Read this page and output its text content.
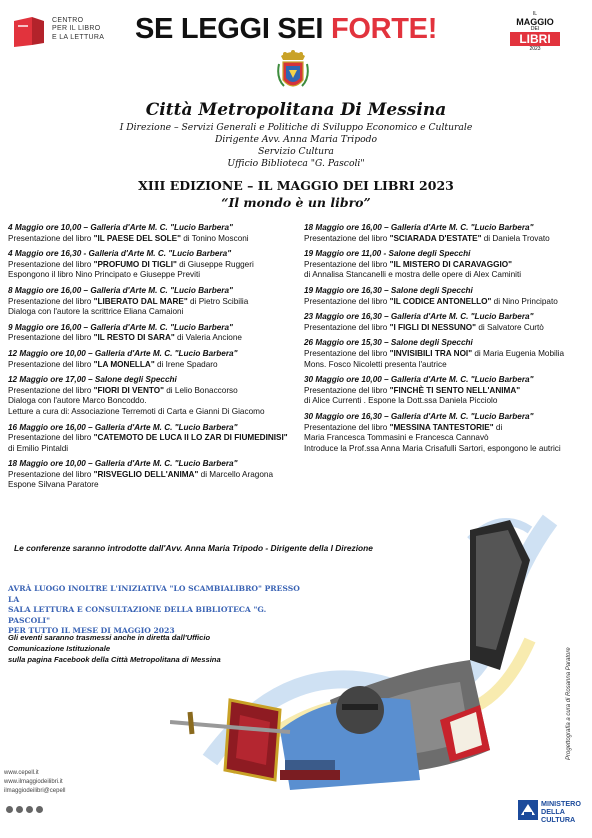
CENTRO
PER IL LIBRO
E LA LETTURA SE LEGGI SEI FORTE!	IL
MAGGIO
DEI
LIBRI
2023
Città Metropolitana Di Messina
I Direzione – Servizi Generali e Politiche di Sviluppo Economico e Culturale
Dirigente Avv. Anna Maria Tripodo
Servizio Cultura
Ufficio Biblioteca "G. Pascoli"
XIII EDIZIONE – IL MAGGIO DEI LIBRI 2023
“Il mondo è un libro”
4 Maggio ore 10,00 – Galleria d'Arte M. C. "Lucio Barbera"
Presentazione del libro "IL PAESE DEL SOLE" di Tonino Mosconi
4 Maggio ore 16,30 - Galleria d'Arte M. C. "Lucio Barbera"
Presentazione del libro "PROFUMO DI TIGLI" di Giuseppe Ruggeri
Espongono il libro Nino Principato e Giuseppe Previti
8 Maggio ore 16,00 – Galleria d'Arte M. C. "Lucio Barbera"
Presentazione del libro "LIBERATO DAL MARE" di Pietro Scibilia
Dialoga con l'autore la scrittrice Eliana Camaioni
9 Maggio ore 16,00 – Galleria d'Arte M. C. "Lucio Barbera"
Presentazione del libro "IL RESTO DI SARA" di Valeria Ancione
12 Maggio ore 10,00 – Galleria d'Arte M. C. "Lucio Barbera"
Presentazione del libro "LA MONELLA" di Irene Spadaro
12 Maggio ore 17,00 – Salone degli Specchi
Presentazione del libro "FIORI DI VENTO" di Lelio Bonaccorso
Dialoga con l'autore Marco Boncoddo.
Letture a cura di: Associazione Terremoti di Carta e Gianni Di Giacomo
16 Maggio ore 16,00 – Galleria d'Arte M. C. "Lucio Barbera"
Presentazione del libro "CATEMOTO DE LUCA II LO ZAR DI FIUMEDINISI" di Emilio Pintaldi
18 Maggio ore 10,00 – Galleria d'Arte M. C. "Lucio Barbera"
Presentazione del libro "RISVEGLIO DELL'ANIMA" di Marcello Aragona
Espone Silvana Paratore
18 Maggio ore 16,00 – Galleria d'Arte M. C. "Lucio Barbera"
Presentazione del libro "SCIARADA D'ESTATE" di Daniela Trovato
19 Maggio ore 11,00 - Salone degli Specchi
Presentazione del libro "IL MISTERO DI CARAVAGGIO"
di Annalisa Stancanelli e mostra delle opere di Alex Caminiti
19 Maggio ore 16,30 – Salone degli Specchi
Presentazione del libro "IL CODICE ANTONELLO" di Nino Principato
23 Maggio ore 16,30 – Galleria d'Arte M. C. "Lucio Barbera"
Presentazione del libro "I FIGLI DI NESSUNO" di Salvatore Curtò
26 Maggio ore 15,30 – Salone degli Specchi
Presentazione del libro "INVISIBILI TRA NOI" di Maria Eugenia Mobilia
Mons. Fosco Nicoletti presenta l'autrice
30 Maggio ore 10,00 – Galleria d'Arte M. C. "Lucio Barbera"
Presentazione del libro "FINCHÈ TI SENTO NELL'ANIMA"
di Alice Currenti . Espone la Dott.ssa Daniela Picciolo
30 Maggio ore 16,30 – Galleria d'Arte M. C. "Lucio Barbera"
Presentazione del libro "MESSINA TANTESTORIE" di
Maria Francesca Tommasini e Francesca Cannavò
Introduce la Prof.ssa Anna Maria Crisafulli Sartori, espongono le autrici
Progettografia a cura di Rosanna Paratore
Le conferenze saranno introdotte dall'Avv. Anna Maria Tripodo - Dirigente della I Direzione
AVRÀ LUOGO INOLTRE L'INIZIATIVA "LO SCAMBIALIBRO" PRESSO LA
SALA LETTURA E CONSULTAZIONE DELLA BIBLIOTECA "G. PASCOLI"
PER TUTTO IL MESE DI MAGGIO 2023
Gli eventi saranno trasmessi anche in diretta dall'Ufficio Comunicazione Istituzionale
sulla pagina Facebook della Città Metropolitana di Messina
www.cepell.it
www.ilmaggiodeilibri.it
ilmaggiodeilibri@cepell
MINISTERO
DELLA
CULTURA
